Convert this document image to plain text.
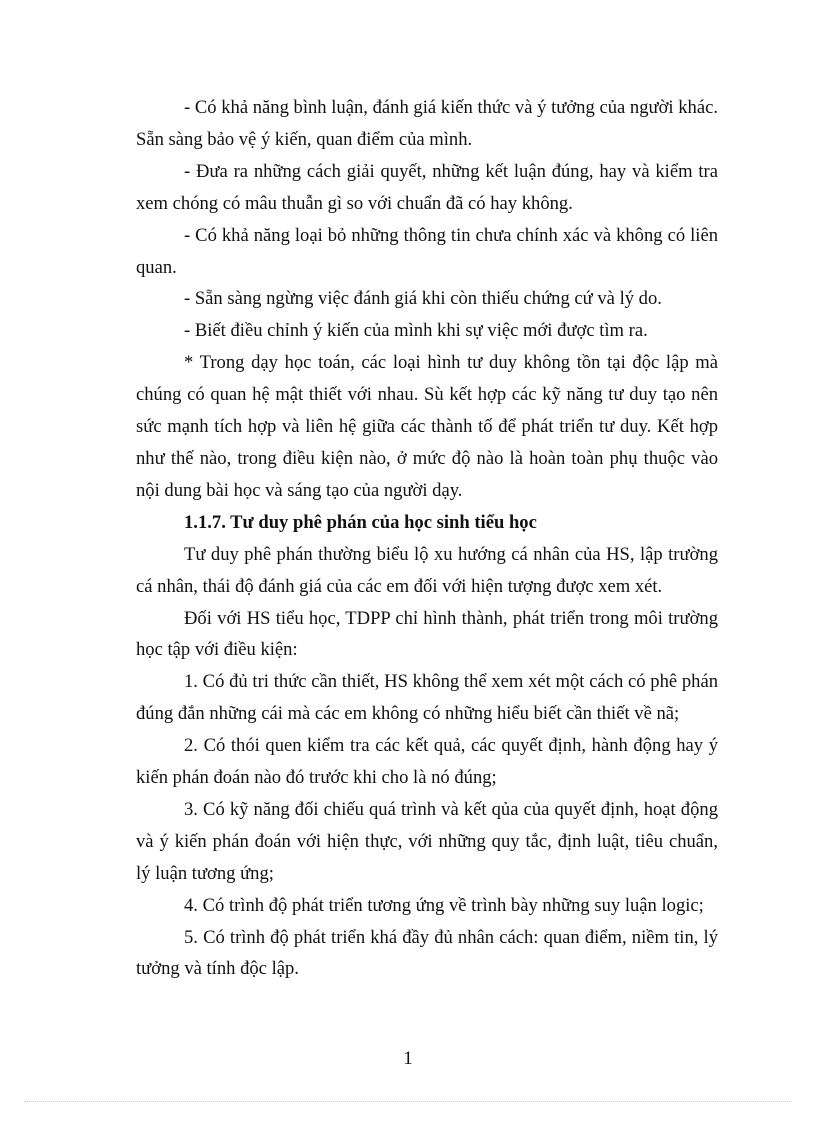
- Có khả năng bình luận, đánh giá kiến thức và ý tưởng của người khác. Sẵn sàng bảo vệ ý kiến, quan điểm của mình.

- Đưa ra những cách giải quyết, những kết luận đúng, hay và kiểm tra xem chóng có mâu thuẫn gì so với chuẩn đã có hay không.

- Có khả năng loại bỏ những thông tin chưa chính xác và không có liên quan.

- Sẵn sàng ngừng việc đánh giá khi còn thiếu chứng cứ và lý do.

- Biết điều chỉnh ý kiến của mình khi sự việc mới được tìm ra.

* Trong dạy học toán, các loại hình tư duy không tồn tại độc lập mà chúng có quan hệ mật thiết với nhau. Sù kết hợp các kỹ năng tư duy tạo nên sức mạnh tích hợp và liên hệ giữa các thành tố để phát triển tư duy. Kết hợp như thế nào, trong điều kiện nào, ở mức độ nào là hoàn toàn phụ thuộc vào nội dung bài học và sáng tạo của người dạy.

1.1.7. Tư duy phê phán của học sinh tiểu học

Tư duy phê phán thường biểu lộ xu hướng cá nhân của HS, lập trường cá nhân, thái độ đánh giá của các em đối với hiện tượng được xem xét.

Đối với HS tiểu học, TDPP chỉ hình thành, phát triển trong môi trường học tập với điều kiện:

1. Có đủ tri thức cần thiết, HS không thể xem xét một cách có phê phán đúng đắn những cái mà các em không có những hiểu biết cần thiết về nã;

2. Có thói quen kiểm tra các kết quả, các quyết định, hành động hay ý kiến phán đoán nào đó trước khi cho là nó đúng;

3. Có kỹ năng đối chiếu quá trình và kết qủa của quyết định, hoạt động và ý kiến phán đoán với hiện thực, với những quy tắc, định luật, tiêu chuẩn, lý luận tương ứng;

4. Có trình độ phát triển tương ứng về trình bày những suy luận logic;

5. Có trình độ phát triển khá đầy đủ nhân cách: quan điểm, niềm tin, lý tưởng và tính độc lập.

1
